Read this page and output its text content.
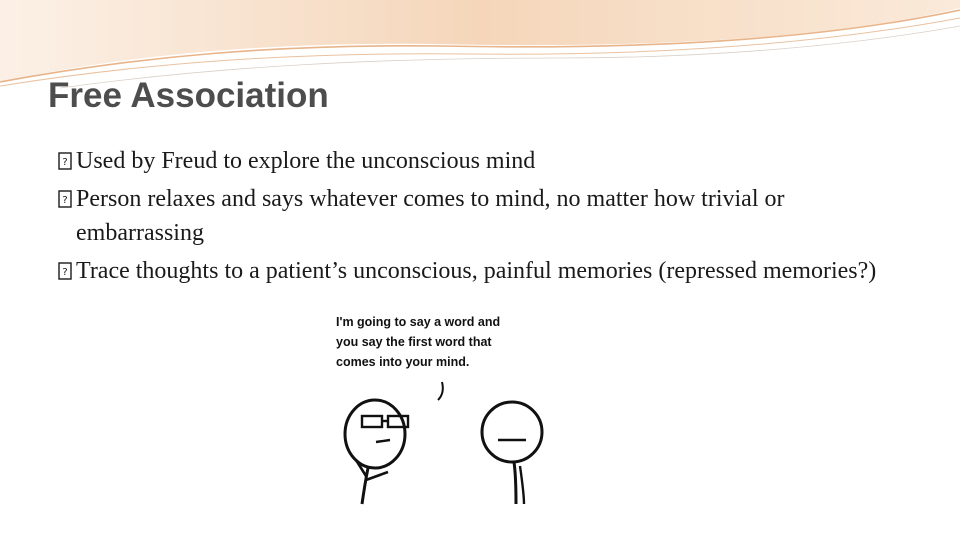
Free Association
? Used by Freud to explore the unconscious mind
? Person relaxes and says whatever comes to mind, no matter how trivial or embarrassing
? Trace thoughts to a patient’s unconscious, painful memories (repressed memories?)
I'm going to say a word and
you say the first word that
comes into your mind.
